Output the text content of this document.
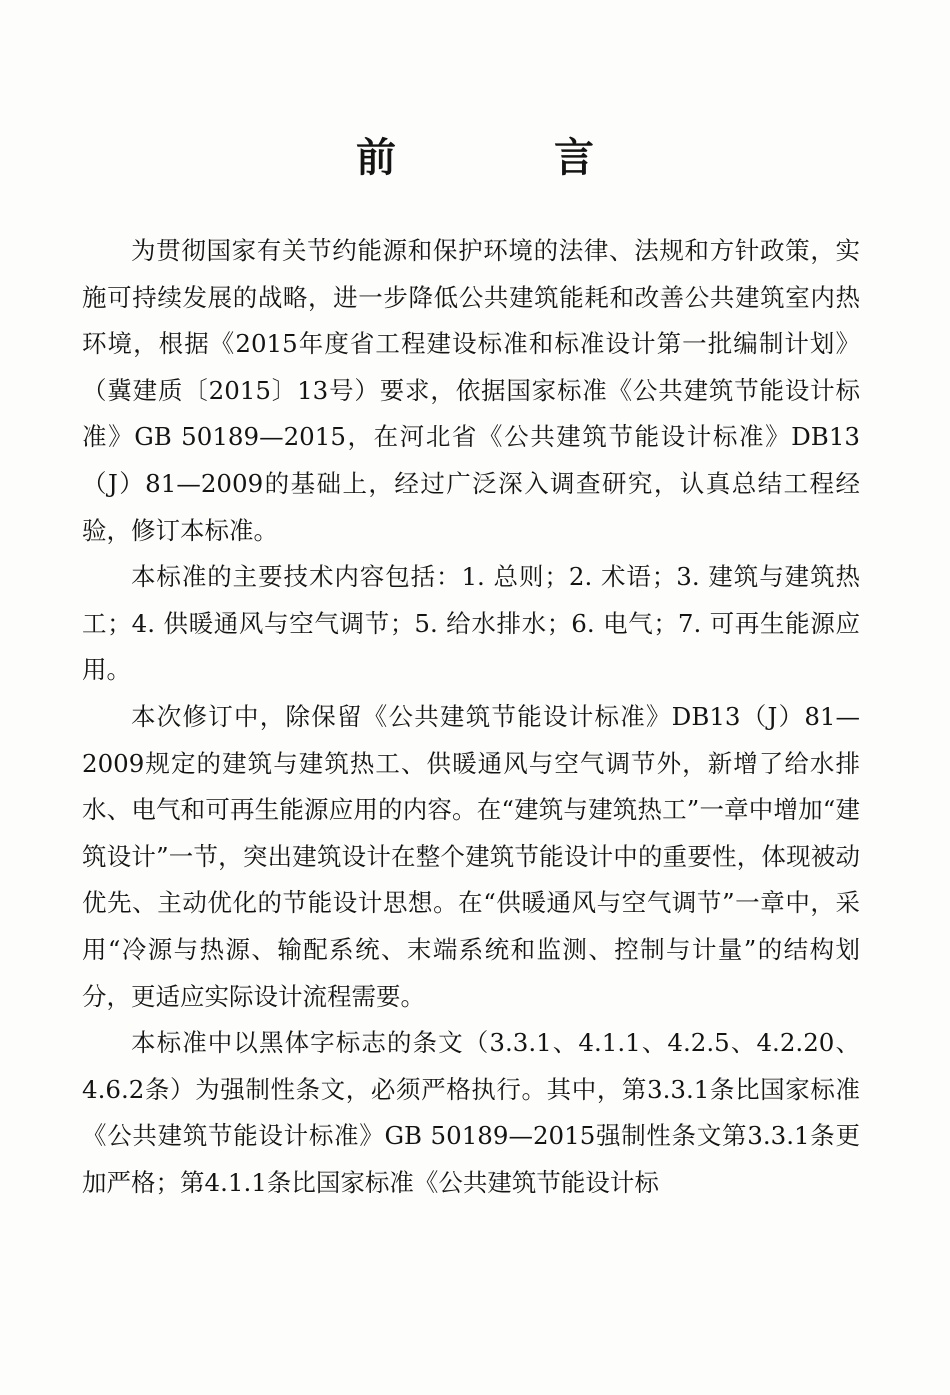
前 言

为贯彻国家有关节约能源和保护环境的法律、法规和方针政策，实施可持续发展的战略，进一步降低公共建筑能耗和改善公共建筑室内热环境，根据《2015年度省工程建设标准和标准设计第一批编制计划》（冀建质〔2015〕13号）要求，依据国家标准《公共建筑节能设计标准》GB 50189—2015，在河北省《公共建筑节能设计标准》DB13（J）81—2009的基础上，经过广泛深入调查研究，认真总结工程经验，修订本标准。

本标准的主要技术内容包括：1. 总则；2. 术语；3. 建筑与建筑热工；4. 供暖通风与空气调节；5. 给水排水；6. 电气；7. 可再生能源应用。

本次修订中，除保留《公共建筑节能设计标准》DB13（J）81—2009规定的建筑与建筑热工、供暖通风与空气调节外，新增了给水排水、电气和可再生能源应用的内容。在“建筑与建筑热工”一章中增加“建筑设计”一节，突出建筑设计在整个建筑节能设计中的重要性，体现被动优先、主动优化的节能设计思想。在“供暖通风与空气调节”一章中，采用“冷源与热源、输配系统、末端系统和监测、控制与计量”的结构划分，更适应实际设计流程需要。

本标准中以黑体字标志的条文（3.3.1、4.1.1、4.2.5、4.2.20、4.6.2条）为强制性条文，必须严格执行。其中，第3.3.1条比国家标准《公共建筑节能设计标准》GB 50189—2015强制性条文第3.3.1条更加严格；第4.1.1条比国家标准《公共建筑节能设计标
